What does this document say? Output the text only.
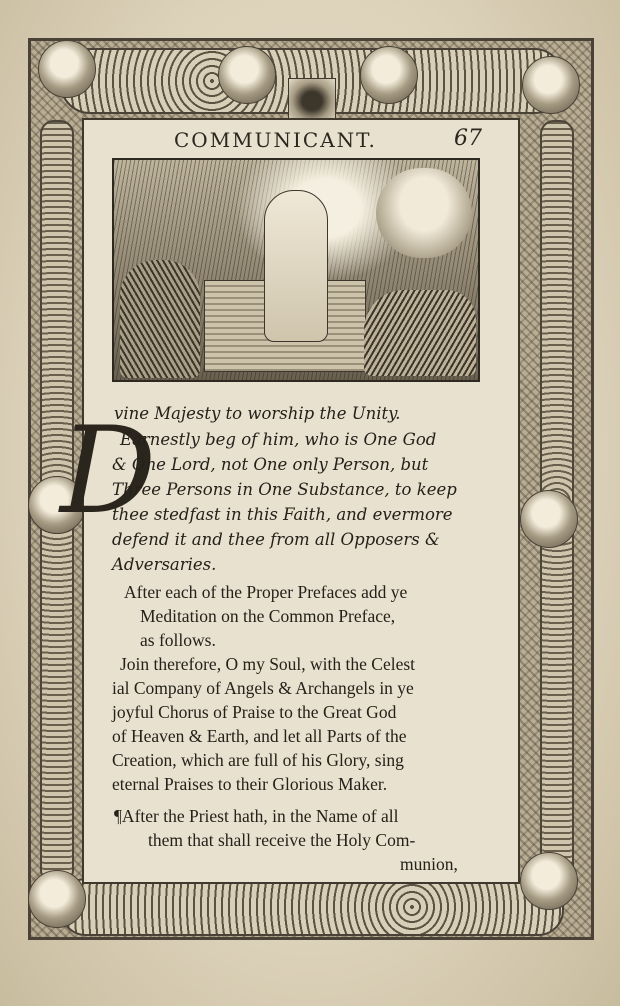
COMMUNICANT.	67
D
vine Majesty to worship the Unity.
Earnestly beg of him, who is One God
& One Lord, not One only Person, but
Three Persons in One Substance, to keep
thee stedfast in this Faith, and evermore
defend it and thee from all Opposers &
Adversaries.
After each of the Proper Prefaces add ye
Meditation on the Common Preface,
as follows.
Join therefore, O my Soul, with the Celest
ial Company of Angels & Archangels in ye
joyful Chorus of Praise to the Great God
of Heaven & Earth, and let all Parts of the
Creation, which are full of his Glory, sing
eternal Praises to their Glorious Maker.
¶After the Priest hath, in the Name of all
them that shall receive the Holy Com-
munion,
